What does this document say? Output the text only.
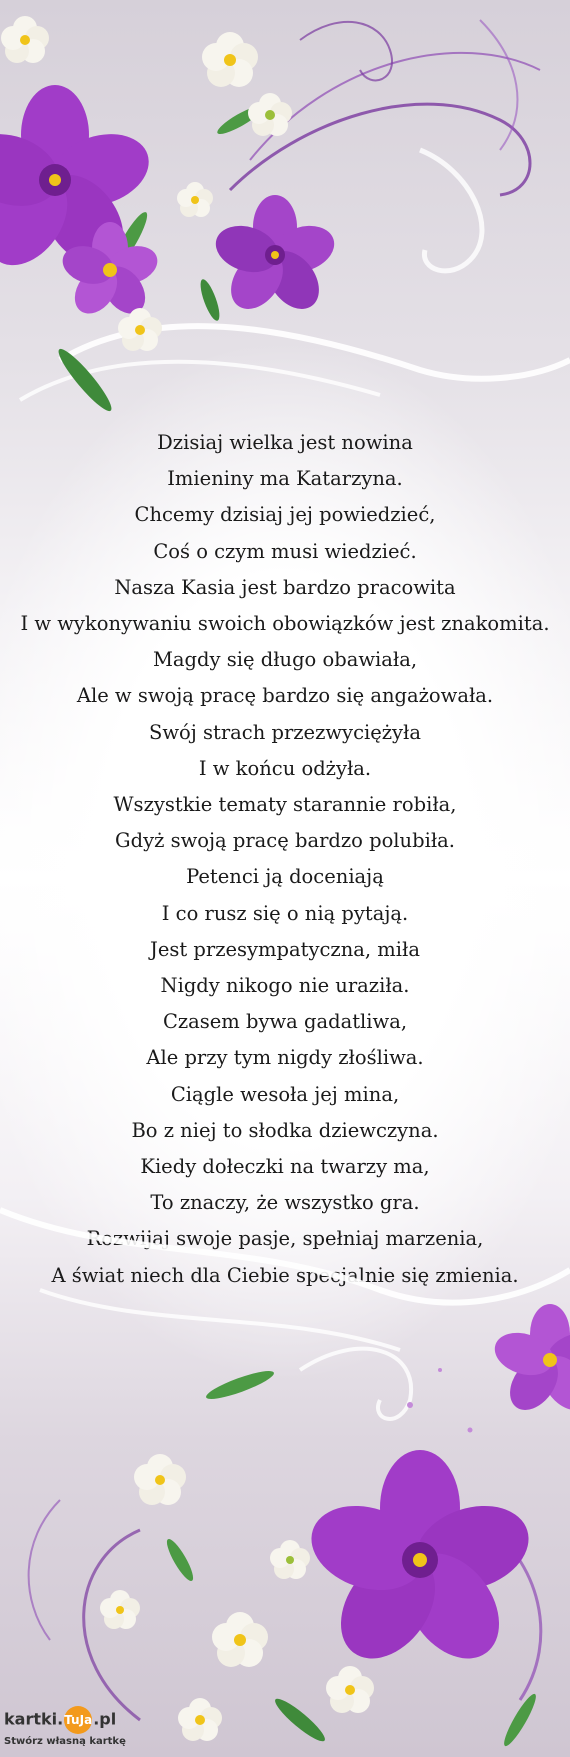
Dzisiaj wielka jest nowina
Imieniny ma Katarzyna.
Chcemy dzisiaj jej powiedzieć,
Coś o czym musi wiedzieć.
Nasza Kasia jest bardzo pracowita
I w wykonywaniu swoich obowiązków jest znakomita.
Magdy się długo obawiała,
Ale w swoją pracę bardzo się angażowała.
Swój strach przezwyciężyła
I w końcu odżyła.
Wszystkie tematy starannie robiła,
Gdyż swoją pracę bardzo polubiła.
Petenci ją doceniają
I co rusz się o nią pytają.
Jest przesympatyczna, miła
Nigdy nikogo nie uraziła.
Czasem bywa gadatliwa,
Ale przy tym nigdy złośliwa.
Ciągle wesoła jej mina,
Bo z niej to słodka dziewczyna.
Kiedy dołeczki na twarzy ma,
To znaczy, że wszystko gra.
Rozwijaj swoje pasje, spełniaj marzenia,
A świat niech dla Ciebie specjalnie się zmienia.
kartki.TuJa.pl
Stwórz własną kartkę
